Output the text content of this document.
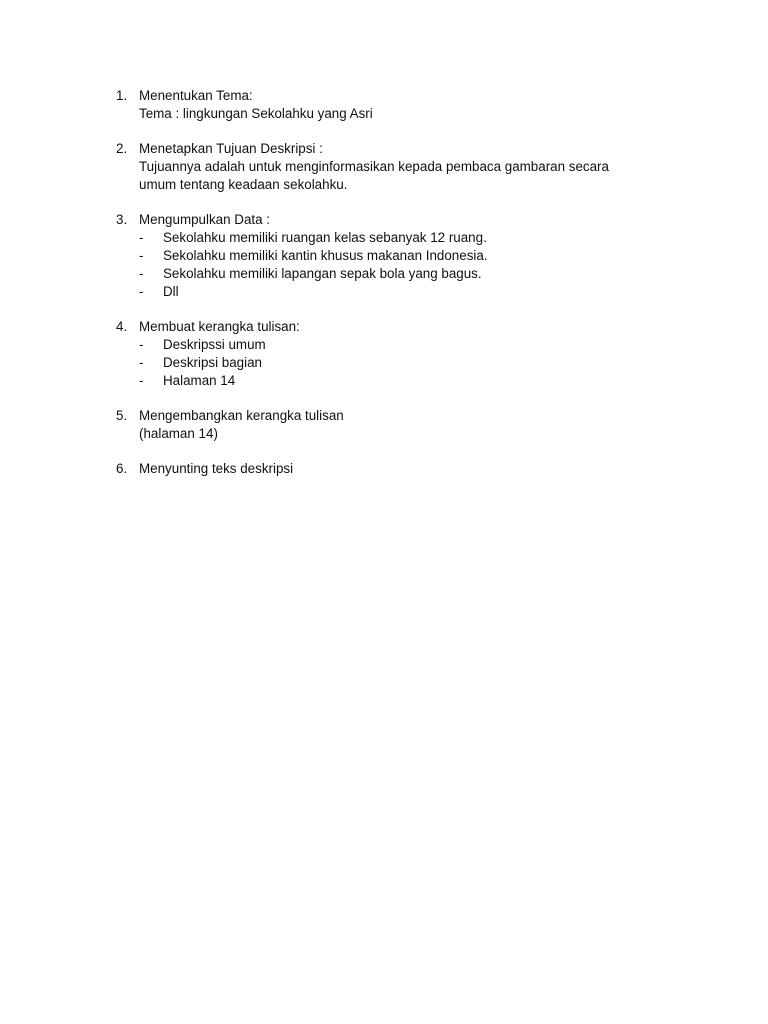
1. Menentukan Tema:
Tema : lingkungan Sekolahku yang Asri
2. Menetapkan Tujuan Deskripsi :
Tujuannya adalah untuk menginformasikan kepada pembaca gambaran secara
umum tentang keadaan sekolahku.
3. Mengumpulkan Data :
- Sekolahku memiliki ruangan kelas sebanyak 12 ruang.
- Sekolahku memiliki kantin khusus makanan Indonesia.
- Sekolahku memiliki lapangan sepak bola yang bagus.
- Dll
4. Membuat kerangka tulisan:
- Deskripssi umum
- Deskripsi bagian
- Halaman 14
5. Mengembangkan kerangka tulisan
(halaman 14)
6. Menyunting teks deskripsi
